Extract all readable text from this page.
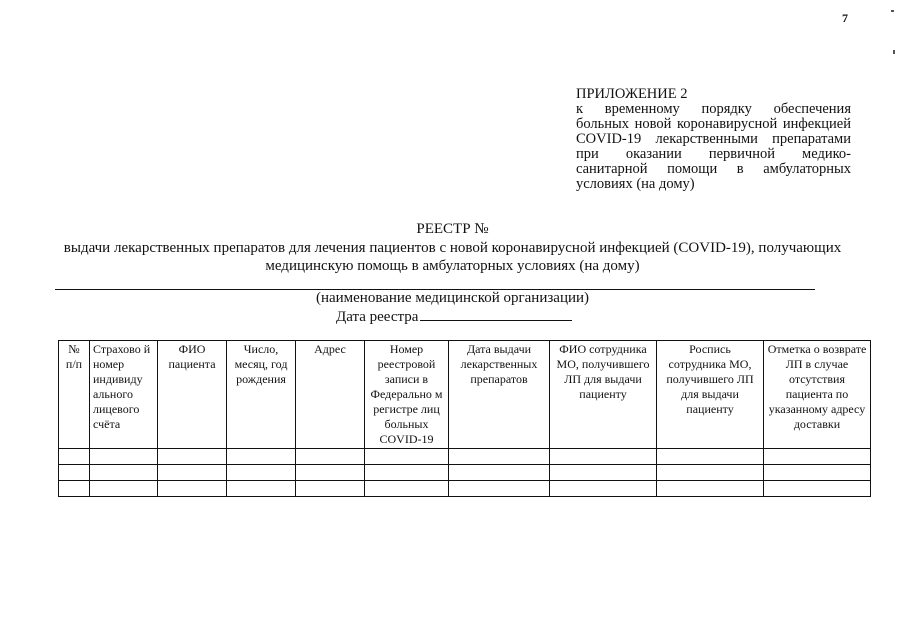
7
ПРИЛОЖЕНИЕ 2
к временному порядку обеспечения больных новой коронавирусной инфекцией COVID-19 лекарственными препаратами при оказании первичной медико-санитарной помощи в амбулаторных условиях (на дому)
РЕЕСТР №
выдачи лекарственных препаратов для лечения пациентов с новой коронавирусной инфекцией (COVID-19), получающих медицинскую помощь в амбулаторных условиях (на дому)
(наименование медицинской организации)
Дата реестра
№ п/п	Страхово й номер индивиду ального лицевого счёта	ФИО пациента	Число, месяц, год рождения	Адрес	Номер реестровой записи в Федерально м регистре лиц больных COVID-19	Дата выдачи лекарственных препаратов	ФИО сотрудника МО, получившего ЛП для выдачи пациенту	Роспись сотрудника МО, получившего ЛП для выдачи пациенту	Отметка о возврате ЛП в случае отсутствия пациента по указанному адресу доставки
